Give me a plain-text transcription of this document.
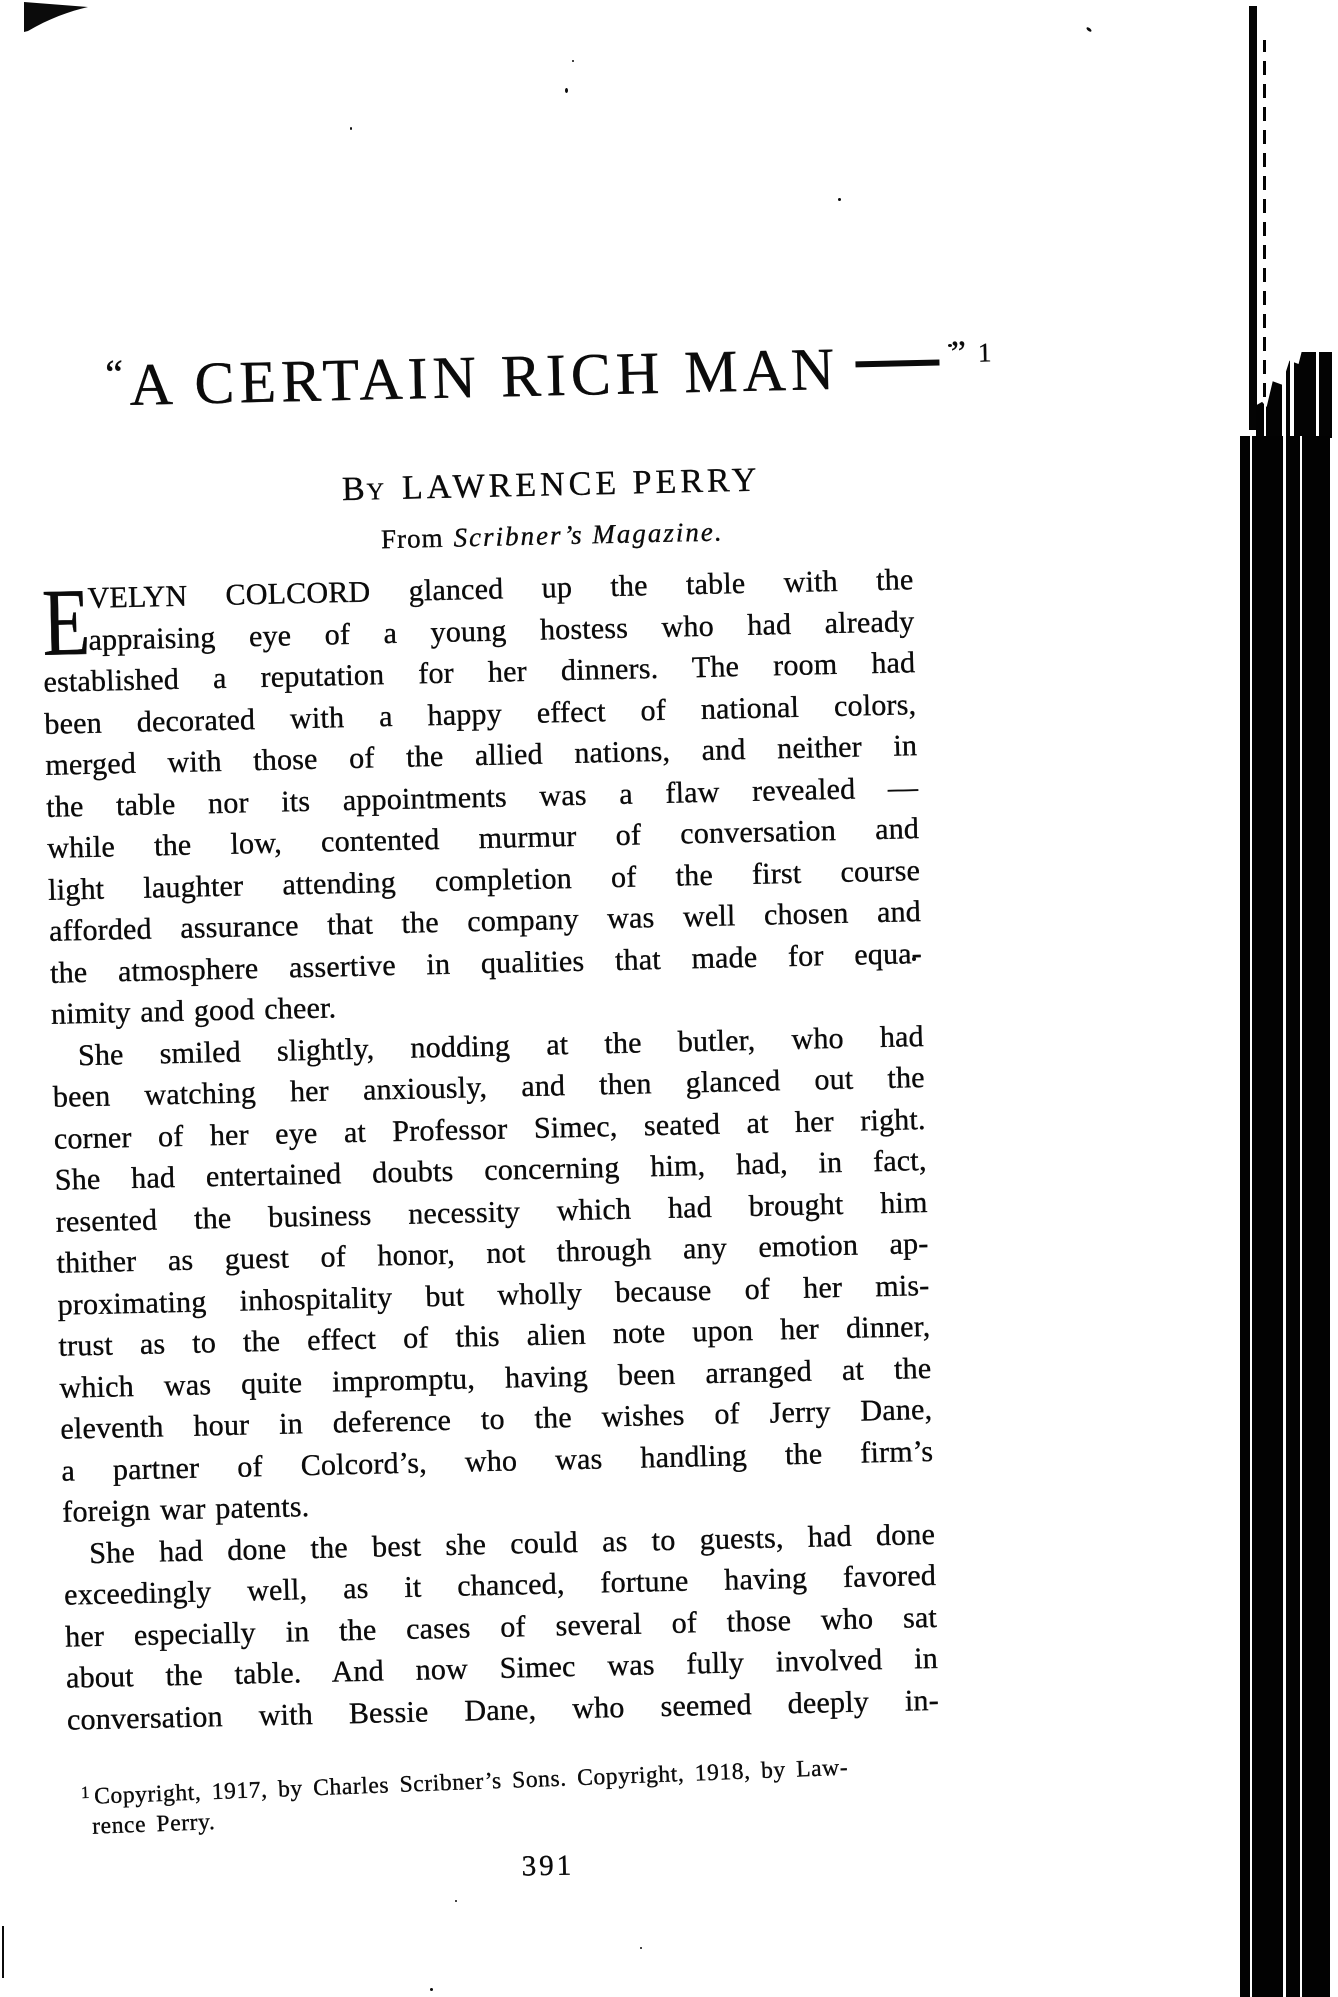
“ A CERTAIN RICH MAN	” 1
By LAWRENCE PERRY
From Scribner’s Magazine.
E
VELYN COLCORD glanced up the table with the
appraising eye of a young hostess who had already
established a reputation for her dinners. The room had
been decorated with a happy effect of national colors,
merged with those of the allied nations, and neither in
the table nor its appointments was a flaw revealed —
while the low, contented murmur of conversation and
light laughter attending completion of the first course
afforded assurance that the company was well chosen and
the atmosphere assertive in qualities that made for equa-
nimity and good cheer.
She smiled slightly, nodding at the butler, who had
been watching her anxiously, and then glanced out the
corner of her eye at Professor Simec, seated at her right.
She had entertained doubts concerning him, had, in fact,
resented the business necessity which had brought him
thither as guest of honor, not through any emotion ap-
proximating inhospitality but wholly because of her mis-
trust as to the effect of this alien note upon her dinner,
which was quite impromptu, having been arranged at the
eleventh hour in deference to the wishes of Jerry Dane,
a partner of Colcord’s, who was handling the firm’s
foreign war patents.
She had done the best she could as to guests, had done
exceedingly well, as it chanced, fortune having favored
her especially in the cases of several of those who sat
about the table. And now Simec was fully involved in
conversation with Bessie Dane, who seemed deeply in-
$^1$ Copyright, 1917, by Charles Scribner’s Sons. Copyright, 1918, by Law-
rence Perry.
391
